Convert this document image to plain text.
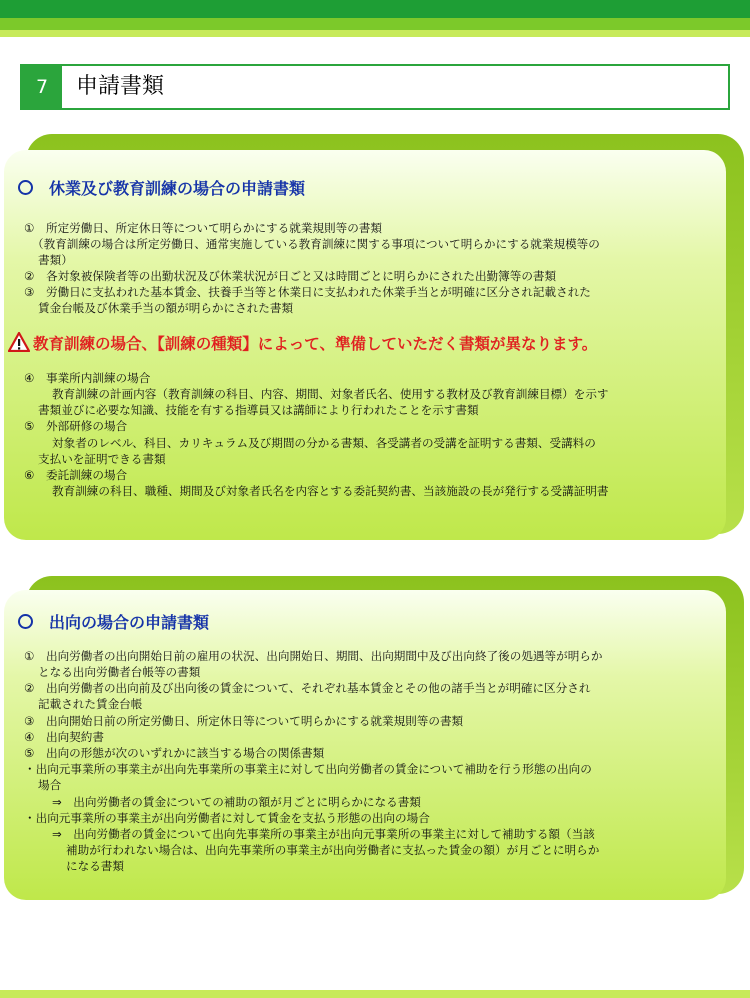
7	申請書類
休業及び教育訓練の場合の申請書類
①　所定労働日、所定休日等について明らかにする就業規則等の書類
（教育訓練の場合は所定労働日、通常実施している教育訓練に関する事項について明らかにする就業規模等の
書類）
②　各対象被保険者等の出勤状況及び休業状況が日ごと又は時間ごとに明らかにされた出勤簿等の書類
③　労働日に支払われた基本賃金、扶養手当等と休業日に支払われた休業手当とが明確に区分され記載された
賃金台帳及び休業手当の額が明らかにされた書類
教育訓練の場合、【訓練の種類】によって、準備していただく書類が異なります。
④　事業所内訓練の場合
教育訓練の計画内容（教育訓練の科目、内容、期間、対象者氏名、使用する教材及び教育訓練目標）を示す
書類並びに必要な知識、技能を有する指導員又は講師により行われたことを示す書類
⑤　外部研修の場合
対象者のレベル、科目、カリキュラム及び期間の分かる書類、各受講者の受講を証明する書類、受講料の
支払いを証明できる書類
⑥　委託訓練の場合
教育訓練の科目、職種、期間及び対象者氏名を内容とする委託契約書、当該施設の長が発行する受講証明書
出向の場合の申請書類
①　出向労働者の出向開始日前の雇用の状況、出向開始日、期間、出向期間中及び出向終了後の処遇等が明らか
となる出向労働者台帳等の書類
②　出向労働者の出向前及び出向後の賃金について、それぞれ基本賃金とその他の諸手当とが明確に区分され
記載された賃金台帳
③　出向開始日前の所定労働日、所定休日等について明らかにする就業規則等の書類
④　出向契約書
⑤　出向の形態が次のいずれかに該当する場合の関係書類
・出向元事業所の事業主が出向先事業所の事業主に対して出向労働者の賃金について補助を行う形態の出向の
場合
⇒　出向労働者の賃金についての補助の額が月ごとに明らかになる書類
・出向元事業所の事業主が出向労働者に対して賃金を支払う形態の出向の場合
⇒　出向労働者の賃金について出向先事業所の事業主が出向元事業所の事業主に対して補助する額（当該
補助が行われない場合は、出向先事業所の事業主が出向労働者に支払った賃金の額）が月ごとに明らか
になる書類
